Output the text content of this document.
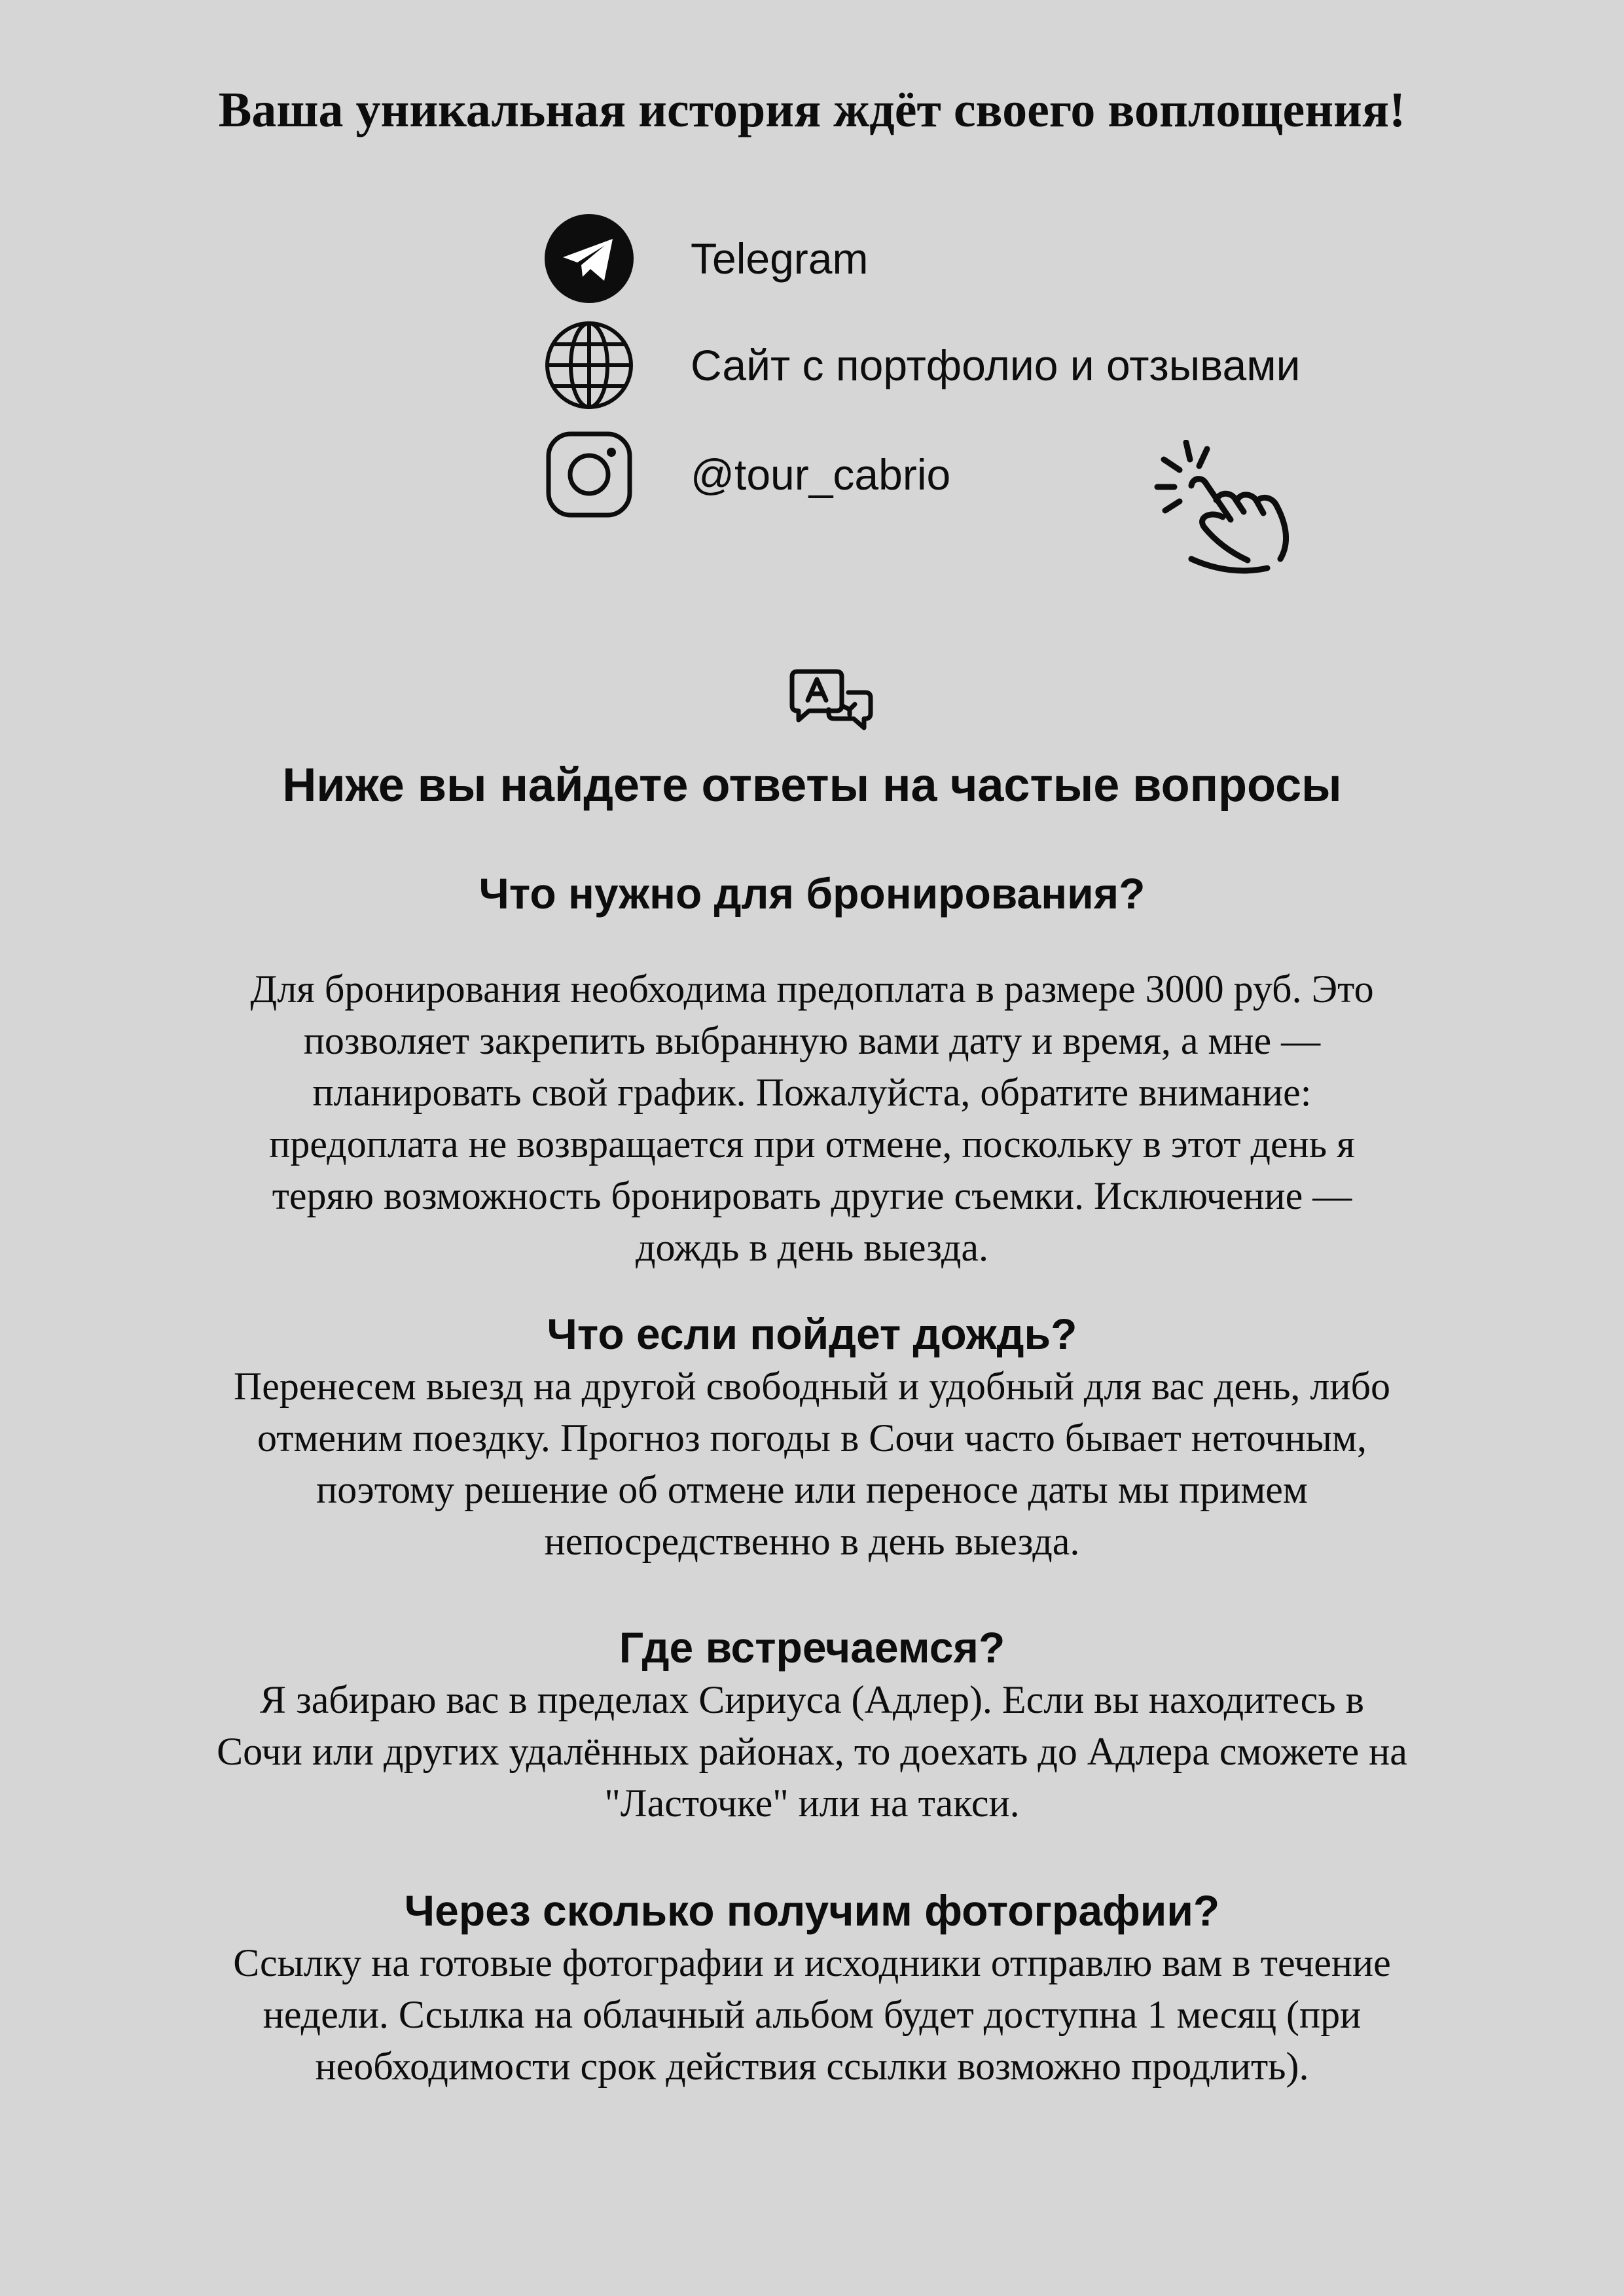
Ваша уникальная история ждёт своего воплощения!
Telegram
Сайт с портфолио и отзывами
@tour_cabrio
Ниже вы найдете ответы на частые вопросы
Что нужно для бронирования?
Для бронирования необходима предоплата в размере 3000 руб. Это
позволяет закрепить выбранную вами дату и время, а мне —
планировать свой график. Пожалуйста, обратите внимание:
предоплата не возвращается при отмене, поскольку в этот день я
теряю возможность бронировать другие съемки. Исключение —
дождь в день выезда.
Что если пойдет дождь?
Перенесем выезд на другой свободный и удобный для вас день, либо
отменим поездку. Прогноз погоды в Сочи часто бывает неточным,
поэтому решение об отмене или переносе даты мы примем
непосредственно в день выезда.
Где встречаемся?
Я забираю вас в пределах Сириуса (Адлер). Если вы находитесь в
Сочи или других удалённых районах, то доехать до Адлера сможете на
"Ласточке" или на такси.
Через сколько получим фотографии?
Ссылку на готовые фотографии и исходники отправлю вам в течение
недели. Ссылка на облачный альбом будет доступна 1 месяц (при
необходимости срок действия ссылки возможно продлить).
